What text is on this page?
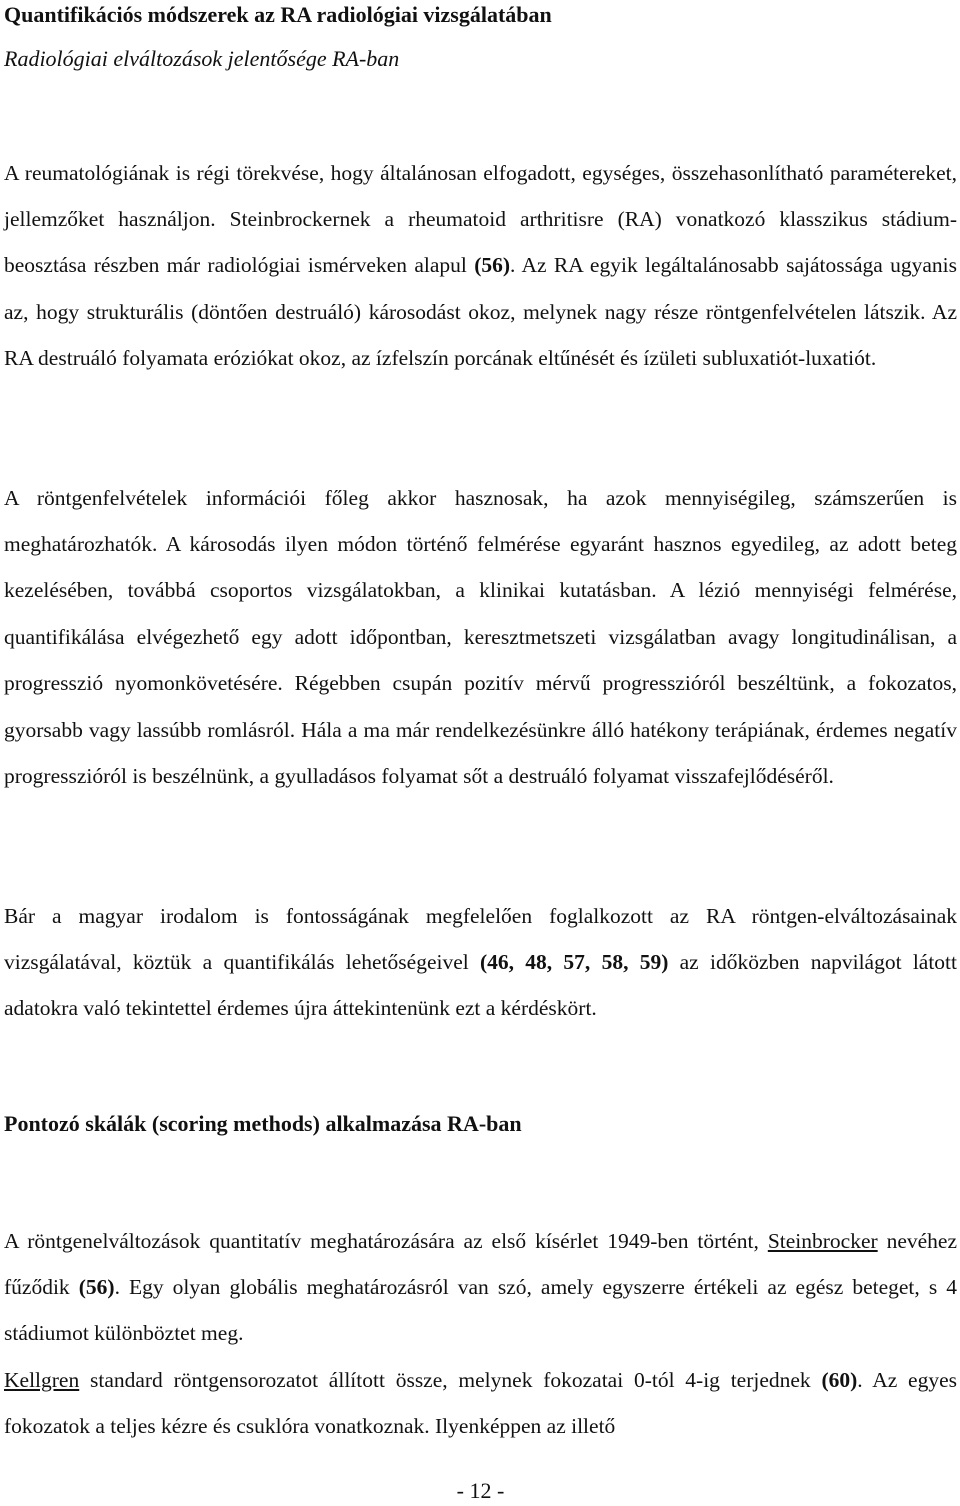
Quantifikációs módszerek az RA radiológiai vizsgálatában
Radiológiai elváltozások jelentősége RA-ban

A reumatológiának is régi törekvése, hogy általánosan elfogadott, egységes, összehasonlítható paramétereket, jellemzőket használjon. Steinbrockernek a rheumatoid arthritisre (RA) vonatkozó klasszikus stádium-beosztása részben már radiológiai ismérveken alapul (56). Az RA egyik legáltalánosabb sajátossága ugyanis az, hogy strukturális (döntően destruáló) károsodást okoz, melynek nagy része röntgenfelvételen látszik. Az RA destruáló folyamata eróziókat okoz, az ízfelszín porcának eltűnését és ízületi subluxatiót-luxatiót.

A röntgenfelvételek információi főleg akkor hasznosak, ha azok mennyiségileg, számszerűen is meghatározhatók. A károsodás ilyen módon történő felmérése egyaránt hasznos egyedileg, az adott beteg kezelésében, továbbá csoportos vizsgálatokban, a klinikai kutatásban. A lézió mennyiségi felmérése, quantifikálása elvégezhető egy adott időpontban, keresztmetszeti vizsgálatban avagy longitudinálisan, a progresszió nyomonkövetésére. Régebben csupán pozitív mérvű progresszióról beszéltünk, a fokozatos, gyorsabb vagy lassúbb romlásról. Hála a ma már rendelkezésünkre álló hatékony terápiának, érdemes negatív progresszióról is beszélnünk, a gyulladásos folyamat sőt a destruáló folyamat visszafejlődéséről.

Bár a magyar irodalom is fontosságának megfelelően foglalkozott az RA röntgen-elváltozásainak vizsgálatával, köztük a quantifikálás lehetőségeivel (46, 48, 57, 58, 59) az időközben napvilágot látott adatokra való tekintettel érdemes újra áttekintenünk ezt a kérdéskört.

Pontozó skálák (scoring methods) alkalmazása RA-ban

A röntgenelváltozások quantitatív meghatározására az első kísérlet 1949-ben történt, Steinbrocker nevéhez fűződik (56). Egy olyan globális meghatározásról van szó, amely egyszerre értékeli az egész beteget, s 4 stádiumot különböztet meg.

Kellgren standard röntgensorozatot állított össze, melynek fokozatai 0-tól 4-ig terjednek (60). Az egyes fokozatok a teljes kézre és csuklóra vonatkoznak. Ilyenképpen az illető

- 12 -
